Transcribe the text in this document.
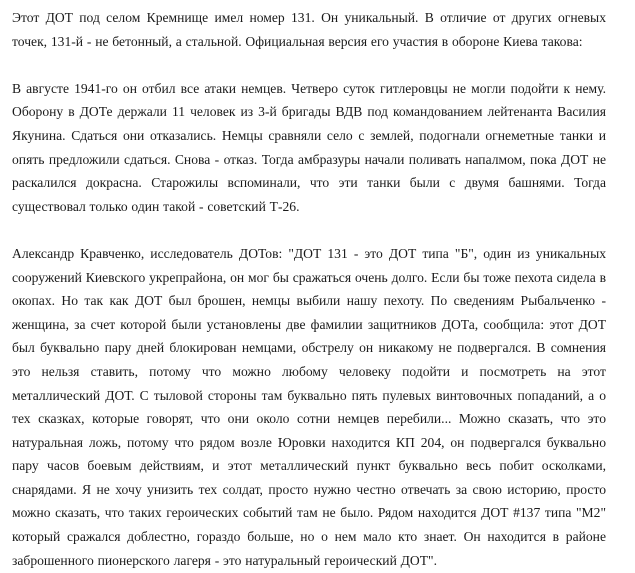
Этот ДОТ под селом Кремнище имел номер 131. Он уникальный. В отличие от других огневых точек, 131-й - не бетонный, а стальной. Официальная версия его участия в обороне Киева такова:

В августе 1941-го он отбил все атаки немцев. Четверо суток гитлеровцы не могли подойти к нему. Оборону в ДОТе держали 11 человек из 3-й бригады ВДВ под командованием лейтенанта Василия Якунина. Сдаться они отказались. Немцы сравняли село с землей, подогнали огнеметные танки и опять предложили сдаться. Снова - отказ. Тогда амбразуры начали поливать напалмом, пока ДОТ не раскалился докрасна. Старожилы вспоминали, что эти танки были с двумя башнями. Тогда существовал только один такой - советский Т-26.

Александр Кравченко, исследователь ДОТов: "ДОТ 131 - это ДОТ типа "Б", один из уникальных сооружений Киевского укрепрайона, он мог бы сражаться очень долго. Если бы тоже пехота сидела в окопах. Но так как ДОТ был брошен, немцы выбили нашу пехоту. По сведениям Рыбальченко - женщина, за счет которой были установлены две фамилии защитников ДОТа, сообщила: этот ДОТ был буквально пару дней блокирован немцами, обстрелу он никакому не подвергался. В сомнения это нельзя ставить, потому что можно любому человеку подойти и посмотреть на этот металлический ДОТ. С тыловой стороны там буквально пять пулевых винтовочных попаданий, а о тех сказках, которые говорят, что они около сотни немцев перебили... Можно сказать, что это натуральная ложь, потому что рядом возле Юровки находится КП 204, он подвергался буквально пару часов боевым действиям, и этот металлический пункт буквально весь побит осколками, снарядами. Я не хочу унизить тех солдат, просто нужно честно отвечать за свою историю, просто можно сказать, что таких героических событий там не было. Рядом находится ДОТ #137 типа "М2" который сражался доблестно, гораздо больше, но о нем мало кто знает. Он находится в районе заброшенного пионерского лагеря - это натуральный героический ДОТ".
